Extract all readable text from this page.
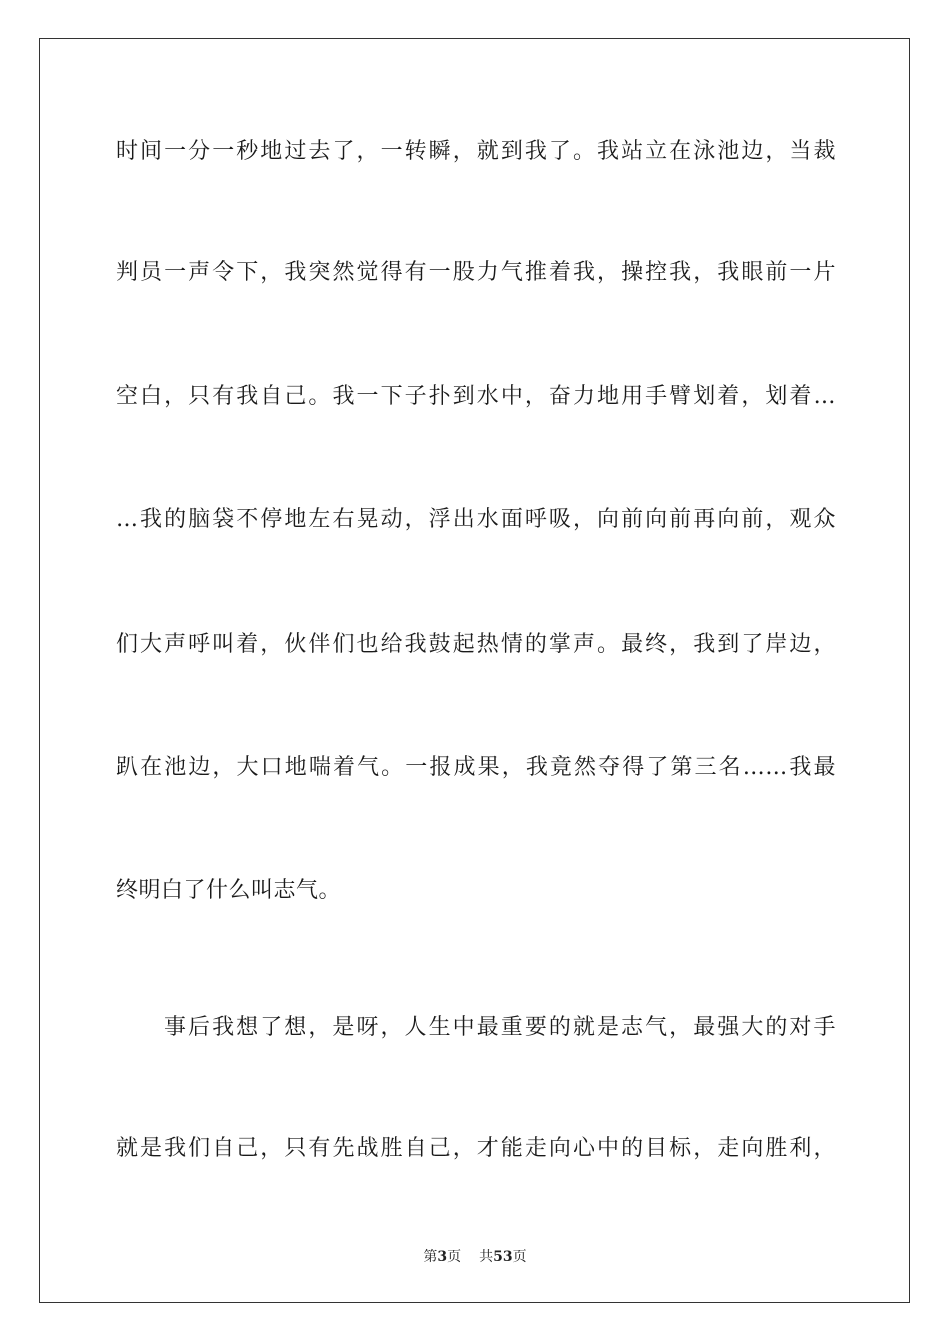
时间一分一秒地过去了，一转瞬，就到我了。我站立在泳池边，当裁
判员一声令下，我突然觉得有一股力气推着我，操控我，我眼前一片
空白，只有我自己。我一下子扑到水中，奋力地用手臂划着，划着…
…我的脑袋不停地左右晃动，浮出水面呼吸，向前向前再向前，观众
们大声呼叫着，伙伴们也给我鼓起热情的掌声。最终，我到了岸边，
趴在池边，大口地喘着气。一报成果，我竟然夺得了第三名……我最
终明白了什么叫志气。
事后我想了想，是呀，人生中最重要的就是志气，最强大的对手
就是我们自己，只有先战胜自己，才能走向心中的目标，走向胜利，
第3页 共53页
